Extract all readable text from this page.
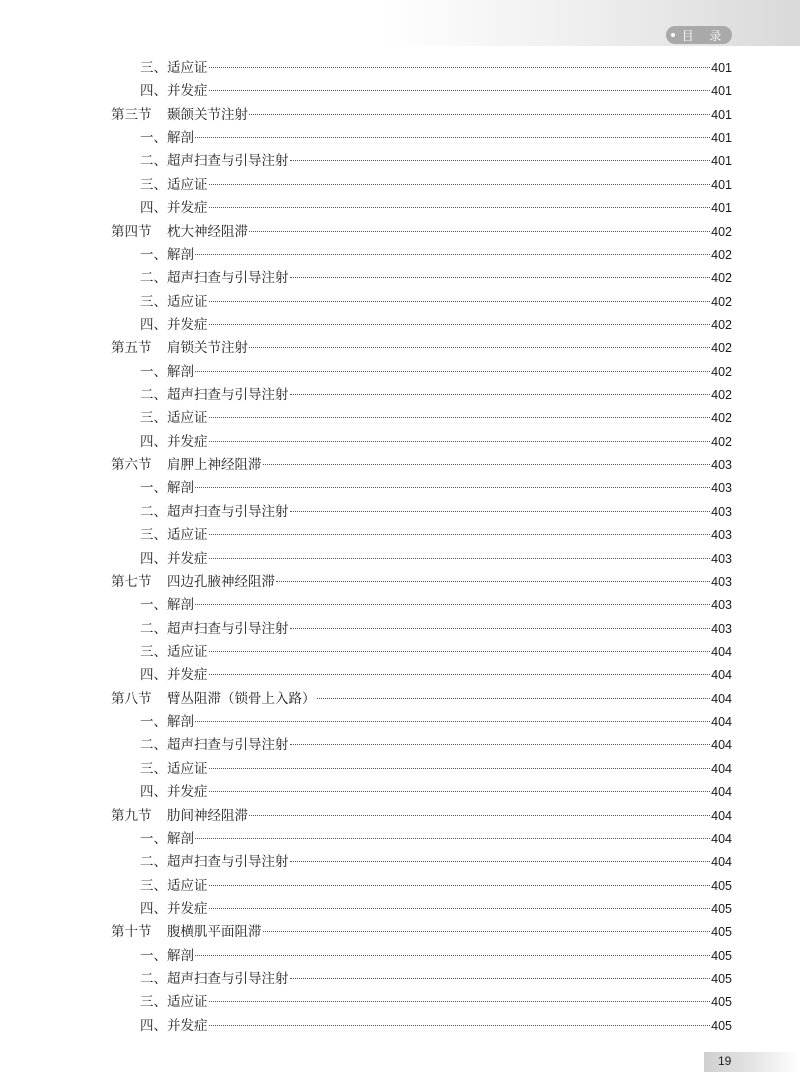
目 录
三、适应证	401
四、并发症	401
第三节	颞颌关节注射	401
一、解剖	401
二、超声扫查与引导注射	401
三、适应证	401
四、并发症	401
第四节	枕大神经阻滞	402
一、解剖	402
二、超声扫查与引导注射	402
三、适应证	402
四、并发症	402
第五节	肩锁关节注射	402
一、解剖	402
二、超声扫查与引导注射	402
三、适应证	402
四、并发症	402
第六节	肩胛上神经阻滞	403
一、解剖	403
二、超声扫查与引导注射	403
三、适应证	403
四、并发症	403
第七节	四边孔腋神经阻滞	403
一、解剖	403
二、超声扫查与引导注射	403
三、适应证	404
四、并发症	404
第八节	臂丛阻滞（锁骨上入路）	404
一、解剖	404
二、超声扫查与引导注射	404
三、适应证	404
四、并发症	404
第九节	肋间神经阻滞	404
一、解剖	404
二、超声扫查与引导注射	404
三、适应证	405
四、并发症	405
第十节	腹横肌平面阻滞	405
一、解剖	405
二、超声扫查与引导注射	405
三、适应证	405
四、并发症	405
19
